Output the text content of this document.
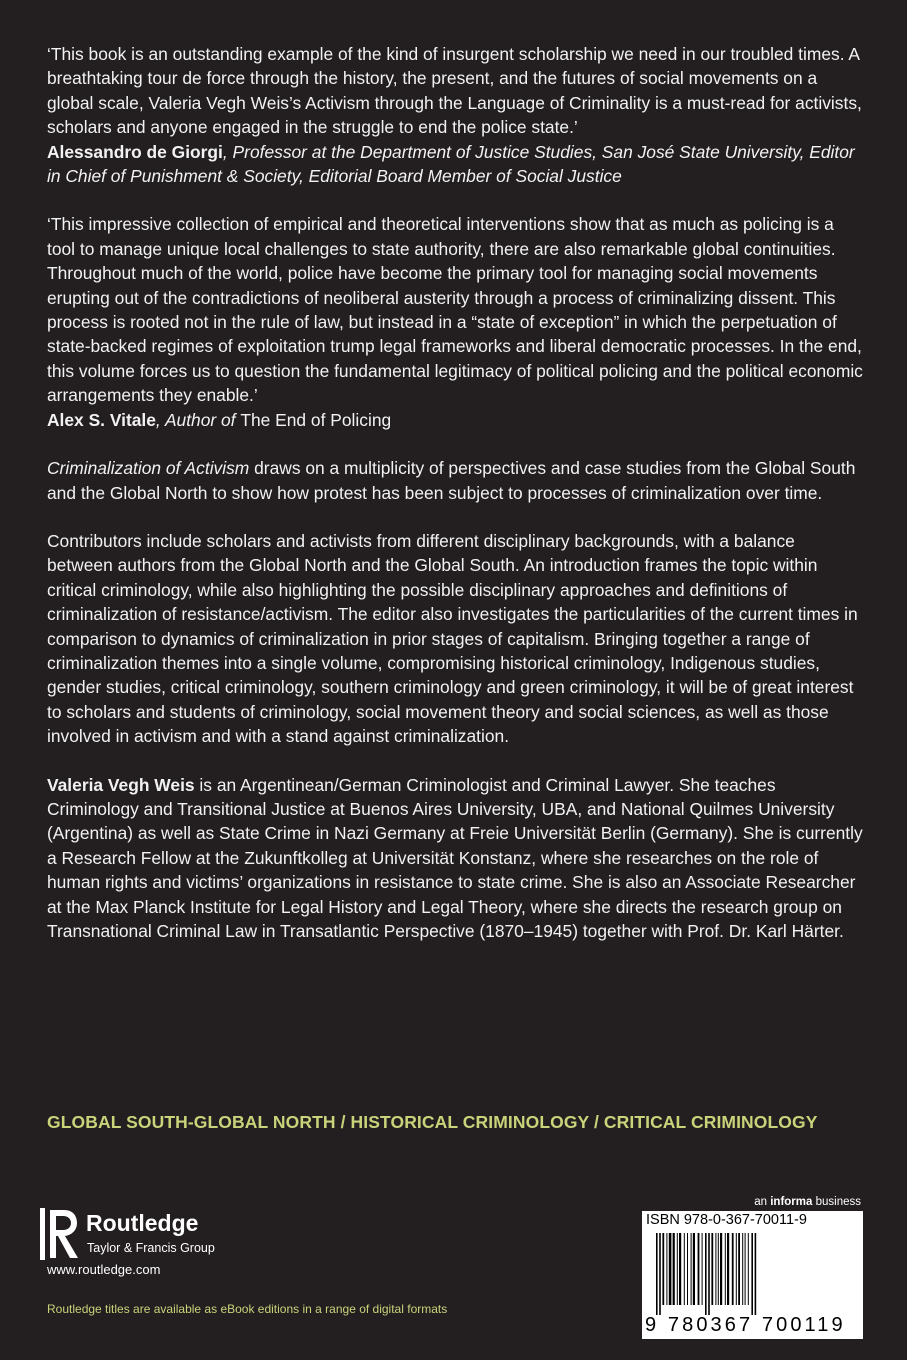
‘This book is an outstanding example of the kind of insurgent scholarship we need in our troubled times. A breathtaking tour de force through the history, the present, and the futures of social movements on a global scale, Valeria Vegh Weis’s Activism through the Language of Criminality is a must-read for activists, scholars and anyone engaged in the struggle to end the police state.’
Alessandro de Giorgi, Professor at the Department of Justice Studies, San José State University, Editor in Chief of Punishment & Society, Editorial Board Member of Social Justice

‘This impressive collection of empirical and theoretical interventions show that as much as policing is a tool to manage unique local challenges to state authority, there are also remarkable global continuities. Throughout much of the world, police have become the primary tool for managing social movements erupting out of the contradictions of neoliberal austerity through a process of criminalizing dissent. This process is rooted not in the rule of law, but instead in a “state of exception” in which the perpetuation of state-backed regimes of exploitation trump legal frameworks and liberal democratic processes. In the end, this volume forces us to question the fundamental legitimacy of political policing and the political economic arrangements they enable.’
Alex S. Vitale, Author of The End of Policing

Criminalization of Activism draws on a multiplicity of perspectives and case studies from the Global South and the Global North to show how protest has been subject to processes of criminalization over time.

Contributors include scholars and activists from different disciplinary backgrounds, with a balance between authors from the Global North and the Global South. An introduction frames the topic within critical criminology, while also highlighting the possible disciplinary approaches and definitions of criminalization of resistance/activism. The editor also investigates the particularities of the current times in comparison to dynamics of criminalization in prior stages of capitalism. Bringing together a range of criminalization themes into a single volume, compromising historical criminology, Indigenous studies, gender studies, critical criminology, southern criminology and green criminology, it will be of great interest to scholars and students of criminology, social movement theory and social sciences, as well as those involved in activism and with a stand against criminalization.

Valeria Vegh Weis is an Argentinean/German Criminologist and Criminal Lawyer. She teaches Criminology and Transitional Justice at Buenos Aires University, UBA, and National Quilmes University (Argentina) as well as State Crime in Nazi Germany at Freie Universität Berlin (Germany). She is currently a Research Fellow at the Zukunftkolleg at Universität Konstanz, where she researches on the role of human rights and victims’ organizations in resistance to state crime. She is also an Associate Researcher at the Max Planck Institute for Legal History and Legal Theory, where she directs the research group on Transnational Criminal Law in Transatlantic Perspective (1870–1945) together with Prof. Dr. Karl Härter.

GLOBAL SOUTH-GLOBAL NORTH / HISTORICAL CRIMINOLOGY / CRITICAL CRIMINOLOGY
Routledge
Taylor & Francis Group
www.routledge.com
Routledge titles are available as eBook editions in a range of digital formats
an informa business
ISBN 978-0-367-70011-9
9 780367 700119
